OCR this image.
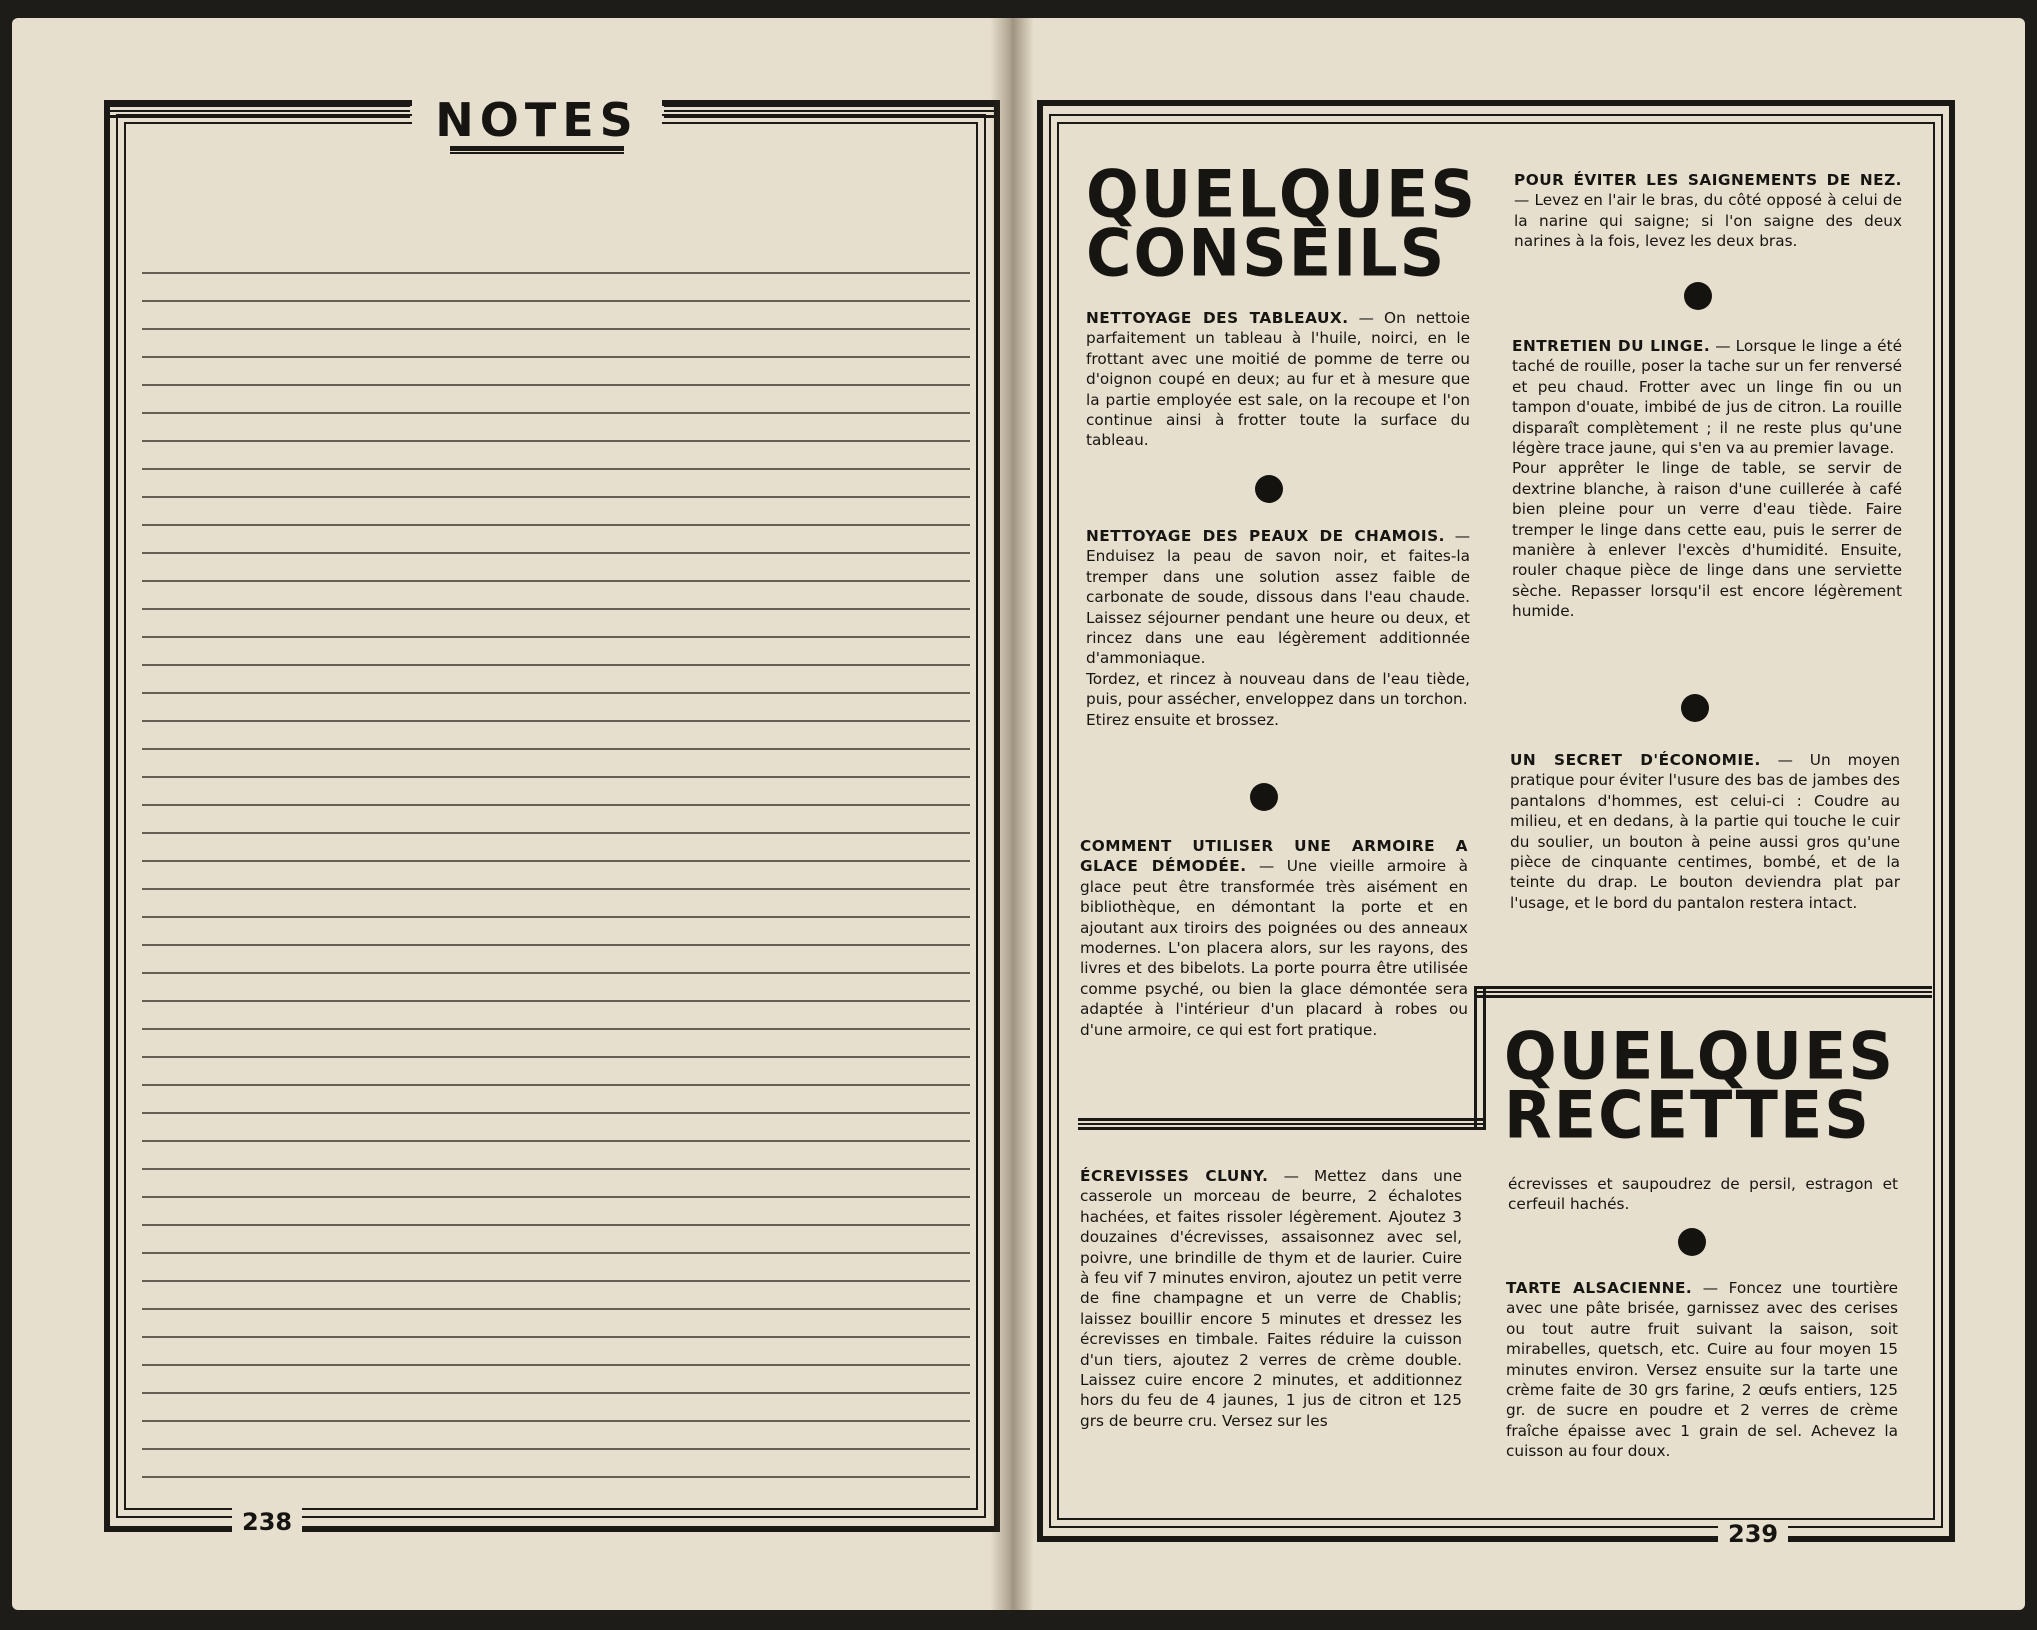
NOTES
238
QUELQUES
CONSEILS

NETTOYAGE DES TABLEAUX. — On nettoie parfaitement un tableau à l'huile, noirci, en le frottant avec une moitié de pomme de terre ou d'oignon coupé en deux; au fur et à mesure que la partie employée est sale, on la recoupe et l'on continue ainsi à frotter toute la surface du tableau.

NETTOYAGE DES PEAUX DE CHAMOIS. — Enduisez la peau de savon noir, et faites-la tremper dans une solution assez faible de carbonate de soude, dissous dans l'eau chaude. Laissez séjourner pendant une heure ou deux, et rincez dans une eau légèrement additionnée d'ammoniaque.

Tordez, et rincez à nouveau dans de l'eau tiède, puis, pour assécher, enveloppez dans un torchon.

Etirez ensuite et brossez.

COMMENT UTILISER UNE ARMOIRE A GLACE DÉMODÉE. — Une vieille armoire à glace peut être transformée très aisément en bibliothèque, en démontant la porte et en ajoutant aux tiroirs des poignées ou des anneaux modernes. L'on placera alors, sur les rayons, des livres et des bibelots. La porte pourra être utilisée comme psyché, ou bien la glace démontée sera adaptée à l'intérieur d'un placard à robes ou d'une armoire, ce qui est fort pratique.

POUR ÉVITER LES SAIGNEMENTS DE NEZ. — Levez en l'air le bras, du côté opposé à celui de la narine qui saigne; si l'on saigne des deux narines à la fois, levez les deux bras.

ENTRETIEN DU LINGE. — Lorsque le linge a été taché de rouille, poser la tache sur un fer renversé et peu chaud. Frotter avec un linge fin ou un tampon d'ouate, imbibé de jus de citron. La rouille disparaît complètement ; il ne reste plus qu'une légère trace jaune, qui s'en va au premier lavage.

Pour apprêter le linge de table, se servir de dextrine blanche, à raison d'une cuillerée à café bien pleine pour un verre d'eau tiède. Faire tremper le linge dans cette eau, puis le serrer de manière à enlever l'excès d'humidité. Ensuite, rouler chaque pièce de linge dans une serviette sèche. Repasser lorsqu'il est encore légèrement humide.

UN SECRET D'ÉCONOMIE. — Un moyen pratique pour éviter l'usure des bas de jambes des pantalons d'hommes, est celui-ci : Coudre au milieu, et en dedans, à la partie qui touche le cuir du soulier, un bouton à peine aussi gros qu'une pièce de cinquante centimes, bombé, et de la teinte du drap. Le bouton deviendra plat par l'usage, et le bord du pantalon restera intact.

QUELQUES
RECETTES

ÉCREVISSES CLUNY. — Mettez dans une casserole un morceau de beurre, 2 échalotes hachées, et faites rissoler légèrement. Ajoutez 3 douzaines d'écrevisses, assaisonnez avec sel, poivre, une brindille de thym et de laurier. Cuire à feu vif 7 minutes environ, ajoutez un petit verre de fine champagne et un verre de Chablis; laissez bouillir encore 5 minutes et dressez les écrevisses en timbale. Faites réduire la cuisson d'un tiers, ajoutez 2 verres de crème double. Laissez cuire encore 2 minutes, et additionnez hors du feu de 4 jaunes, 1 jus de citron et 125 grs de beurre cru. Versez sur les

écrevisses et saupoudrez de persil, estragon et cerfeuil hachés.

TARTE ALSACIENNE. — Foncez une tourtière avec une pâte brisée, garnissez avec des cerises ou tout autre fruit suivant la saison, soit mirabelles, quetsch, etc. Cuire au four moyen 15 minutes environ. Versez ensuite sur la tarte une crème faite de 30 grs farine, 2 œufs entiers, 125 gr. de sucre en poudre et 2 verres de crème fraîche épaisse avec 1 grain de sel. Achevez la cuisson au four doux.

239
